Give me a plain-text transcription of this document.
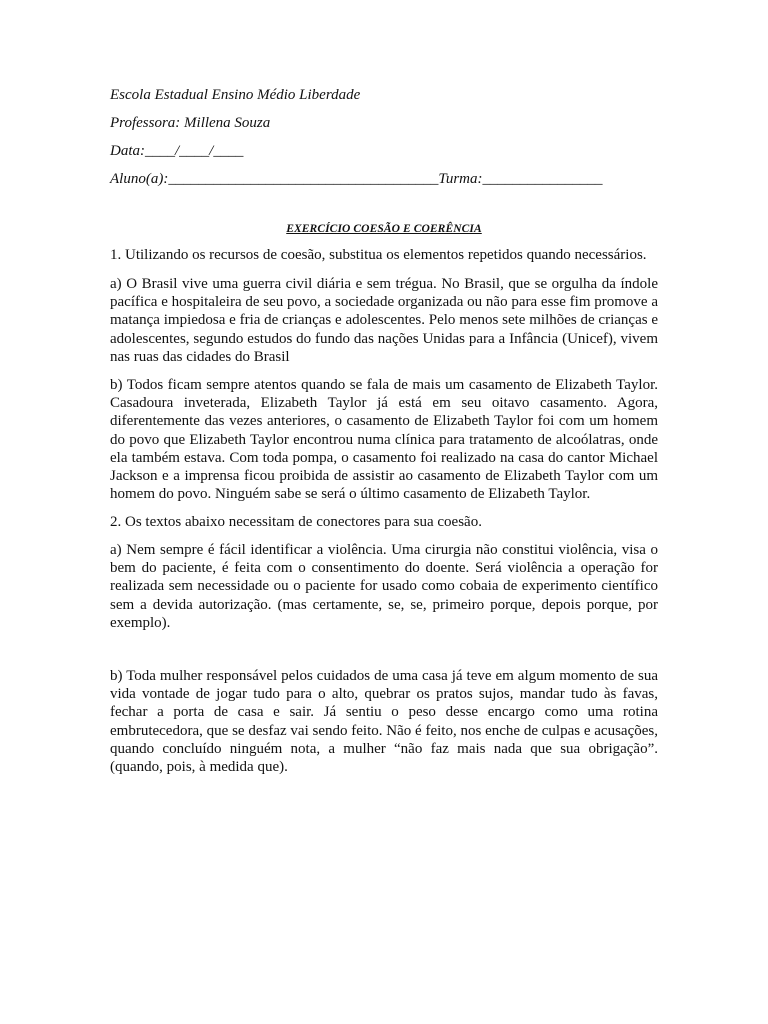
Escola Estadual Ensino Médio Liberdade
Professora: Millena Souza
Data:____/____/____
Aluno(a):____________________________________Turma:________________
EXERCÍCIO COESÃO E COERÊNCIA

1. Utilizando os recursos de coesão, substitua os elementos repetidos quando necessários.

a) O Brasil vive uma guerra civil diária e sem trégua. No Brasil, que se orgulha da índole pacífica e hospitaleira de seu povo, a sociedade organizada ou não para esse fim promove a matança impiedosa e fria de crianças e adolescentes. Pelo menos sete milhões de crianças e adolescentes, segundo estudos do fundo das nações Unidas para a Infância (Unicef), vivem nas ruas das cidades do Brasil

b) Todos ficam sempre atentos quando se fala de mais um casamento de Elizabeth Taylor. Casadoura inveterada, Elizabeth Taylor já está em seu oitavo casamento. Agora, diferentemente das vezes anteriores, o casamento de Elizabeth Taylor foi com um homem do povo que Elizabeth Taylor encontrou numa clínica para tratamento de alcoólatras, onde ela também estava. Com toda pompa, o casamento foi realizado na casa do cantor Michael Jackson e a imprensa ficou proibida de assistir ao casamento de Elizabeth Taylor com um homem do povo. Ninguém sabe se será o último casamento de Elizabeth Taylor.

2. Os textos abaixo necessitam de conectores para sua coesão.

a) Nem sempre é fácil identificar a violência. Uma cirurgia não constitui violência, visa o bem do paciente, é feita com o consentimento do doente. Será violência a operação for realizada sem necessidade ou o paciente for usado como cobaia de experimento científico sem a devida autorização. (mas certamente, se, se, primeiro porque, depois porque, por exemplo).

b) Toda mulher responsável pelos cuidados de uma casa já teve em algum momento de sua vida vontade de jogar tudo para o alto, quebrar os pratos sujos, mandar tudo às favas, fechar a porta de casa e sair. Já sentiu o peso desse encargo como uma rotina embrutecedora, que se desfaz vai sendo feito. Não é feito, nos enche de culpas e acusações, quando concluído ninguém nota, a mulher “não faz mais nada que sua obrigação”. (quando, pois, à medida que).
